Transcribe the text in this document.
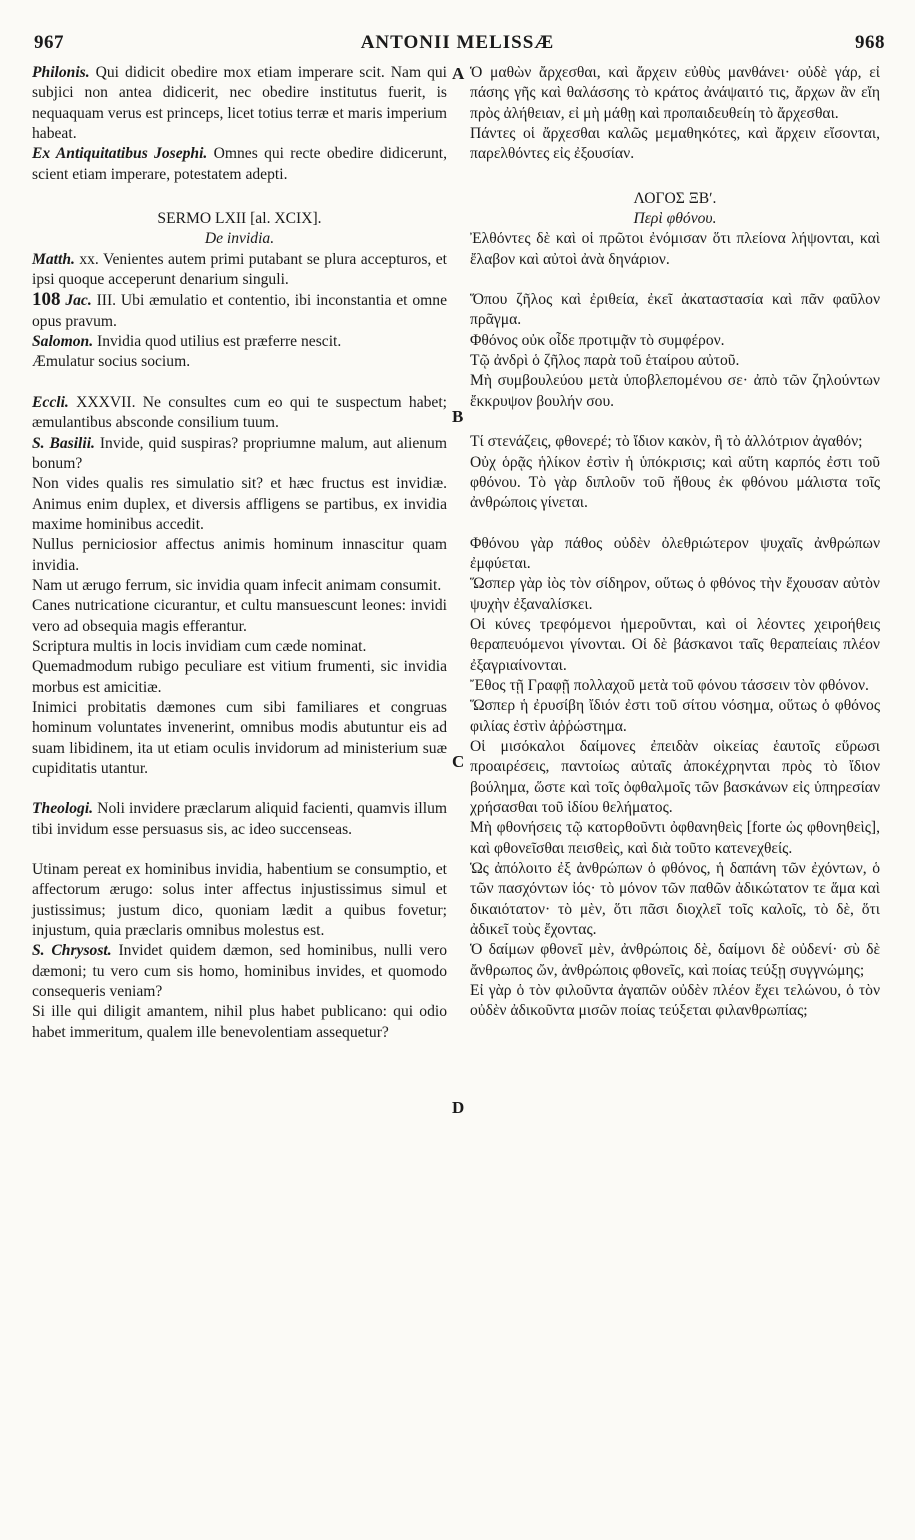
967	ANTONII MELISSÆ	968
A
B
C
D

Philonis. Qui didicit obedire mox etiam imperare scit. Nam qui subjici non antea didicerit, nec obedire institutus fuerit, is nequaquam verus est princeps, licet totius terræ et maris imperium habeat.

Ex Antiquitatibus Josephi. Omnes qui recte obedire didicerunt, scient etiam imperare, potestatem adepti.

SERMO LXII [al. XCIX].

De invidia.

Matth. xx. Venientes autem primi putabant se plura accepturos, et ipsi quoque acceperunt denarium singuli.

108 Jac. III. Ubi æmulatio et contentio, ibi inconstantia et omne opus pravum.

Salomon. Invidia quod utilius est præferre nescit.

Æmulatur socius socium.

Eccli. XXXVII. Ne consultes cum eo qui te suspectum habet; æmulantibus absconde consilium tuum.

S. Basilii. Invide, quid suspiras? propriumne malum, aut alienum bonum?

Non vides qualis res simulatio sit? et hæc fructus est invidiæ. Animus enim duplex, et diversis affligens se partibus, ex invidia maxime hominibus accedit.

Nullus perniciosior affectus animis hominum innascitur quam invidia.

Nam ut ærugo ferrum, sic invidia quam infecit animam consumit.

Canes nutricatione cicurantur, et cultu mansuescunt leones: invidi vero ad obsequia magis efferantur.

Scriptura multis in locis invidiam cum cæde nominat.

Quemadmodum rubigo peculiare est vitium frumenti, sic invidia morbus est amicitiæ.

Inimici probitatis dæmones cum sibi familiares et congruas hominum voluntates invenerint, omnibus modis abutuntur eis ad suam libidinem, ita ut etiam oculis invidorum ad ministerium suæ cupiditatis utantur.

Theologi. Noli invidere præclarum aliquid facienti, quamvis illum tibi invidum esse persuasus sis, ac ideo succenseas.

Utinam pereat ex hominibus invidia, habentium se consumptio, et affectorum ærugo: solus inter affectus injustissimus simul et justissimus; justum dico, quoniam lædit a quibus fovetur; injustum, quia præclaris omnibus molestus est.

S. Chrysost. Invidet quidem dæmon, sed hominibus, nulli vero dæmoni; tu vero cum sis homo, hominibus invides, et quomodo consequeris veniam?

Si ille qui diligit amantem, nihil plus habet publicano: qui odio habet immeritum, qualem ille benevolentiam assequetur?

Ὁ μαθὼν ἄρχεσθαι, καὶ ἄρχειν εὐθὺς μανθάνει· οὐδὲ γάρ, εἰ πάσης γῆς καὶ θαλάσσης τὸ κράτος ἀνάψαιτό τις, ἄρχων ἂν εἴη πρὸς ἀλήθειαν, εἰ μὴ μάθῃ καὶ προπαιδευθείη τὸ ἄρχεσθαι.

Πάντες οἱ ἄρχεσθαι καλῶς μεμαθηκότες, καὶ ἄρχειν εἴσονται, παρελθόντες εἰς ἐξουσίαν.

ΛΟΓΟΣ ΞΒʹ.

Περὶ φθόνου.

Ἐλθόντες δὲ καὶ οἱ πρῶτοι ἐνόμισαν ὅτι πλείονα λήψονται, καὶ ἔλαβον καὶ αὐτοὶ ἀνὰ δηνάριον.

Ὅπου ζῆλος καὶ ἐριθεία, ἐκεῖ ἀκαταστασία καὶ πᾶν φαῦλον πρᾶγμα.

Φθόνος οὐκ οἶδε προτιμᾷν τὸ συμφέρον.

Τῷ ἀνδρὶ ὁ ζῆλος παρὰ τοῦ ἑταίρου αὐτοῦ.

Μὴ συμβουλεύου μετὰ ὑποβλεπομένου σε· ἀπὸ τῶν ζηλούντων ἔκκρυψον βουλήν σου.

Τί στενάζεις, φθονερέ; τὸ ἴδιον κακὸν, ἢ τὸ ἀλλότριον ἀγαθόν;

Οὐχ ὁρᾷς ἡλίκον ἐστὶν ἡ ὑπόκρισις; καὶ αὕτη καρπός ἐστι τοῦ φθόνου. Τὸ γὰρ διπλοῦν τοῦ ἤθους ἐκ φθόνου μάλιστα τοῖς ἀνθρώποις γίνεται.

Φθόνου γὰρ πάθος οὐδὲν ὀλεθριώτερον ψυχαῖς ἀνθρώπων ἐμφύεται.

Ὥσπερ γὰρ ἰὸς τὸν σίδηρον, οὕτως ὁ φθόνος τὴν ἔχουσαν αὐτὸν ψυχὴν ἐξαναλίσκει.

Οἱ κύνες τρεφόμενοι ἡμεροῦνται, καὶ οἱ λέοντες χειροήθεις θεραπευόμενοι γίνονται. Οἱ δὲ βάσκανοι ταῖς θεραπείαις πλέον ἐξαγριαίνονται.

Ἔθος τῇ Γραφῇ πολλαχοῦ μετὰ τοῦ φόνου τάσσειν τὸν φθόνον.

Ὥσπερ ἡ ἐρυσίβη ἴδιόν ἐστι τοῦ σίτου νόσημα, οὕτως ὁ φθόνος φιλίας ἐστὶν ἀῤῥώστημα.

Οἱ μισόκαλοι δαίμονες ἐπειδὰν οἰκείας ἑαυτοῖς εὕρωσι προαιρέσεις, παντοίως αὐταῖς ἀποκέχρηνται πρὸς τὸ ἴδιον βούλημα, ὥστε καὶ τοῖς ὀφθαλμοῖς τῶν βασκάνων εἰς ὑπηρεσίαν χρήσασθαι τοῦ ἰδίου θελήματος.

Μὴ φθονήσεις τῷ κατορθοῦντι ὀφθανηθεὶς [forte ὡς φθονηθεὶς], καὶ φθονεῖσθαι πεισθεὶς, καὶ διὰ τοῦτο κατενεχθείς.

Ὡς ἀπόλοιτο ἐξ ἀνθρώπων ὁ φθόνος, ἡ δαπάνη τῶν ἐχόντων, ὁ τῶν πασχόντων ἰός· τὸ μόνον τῶν παθῶν ἀδικώτατον τε ἅμα καὶ δικαιότατον· τὸ μὲν, ὅτι πᾶσι διοχλεῖ τοῖς καλοῖς, τὸ δὲ, ὅτι ἀδικεῖ τοὺς ἔχοντας.

Ὁ δαίμων φθονεῖ μὲν, ἀνθρώποις δὲ, δαίμονι δὲ οὐδενί· σὺ δὲ ἄνθρωπος ὤν, ἀνθρώποις φθονεῖς, καὶ ποίας τεύξῃ συγγνώμης;

Εἰ γὰρ ὁ τὸν φιλοῦντα ἀγαπῶν οὐδὲν πλέον ἔχει τελώνου, ὁ τὸν οὐδὲν ἀδικοῦντα μισῶν ποίας τεύξεται φιλανθρωπίας;
